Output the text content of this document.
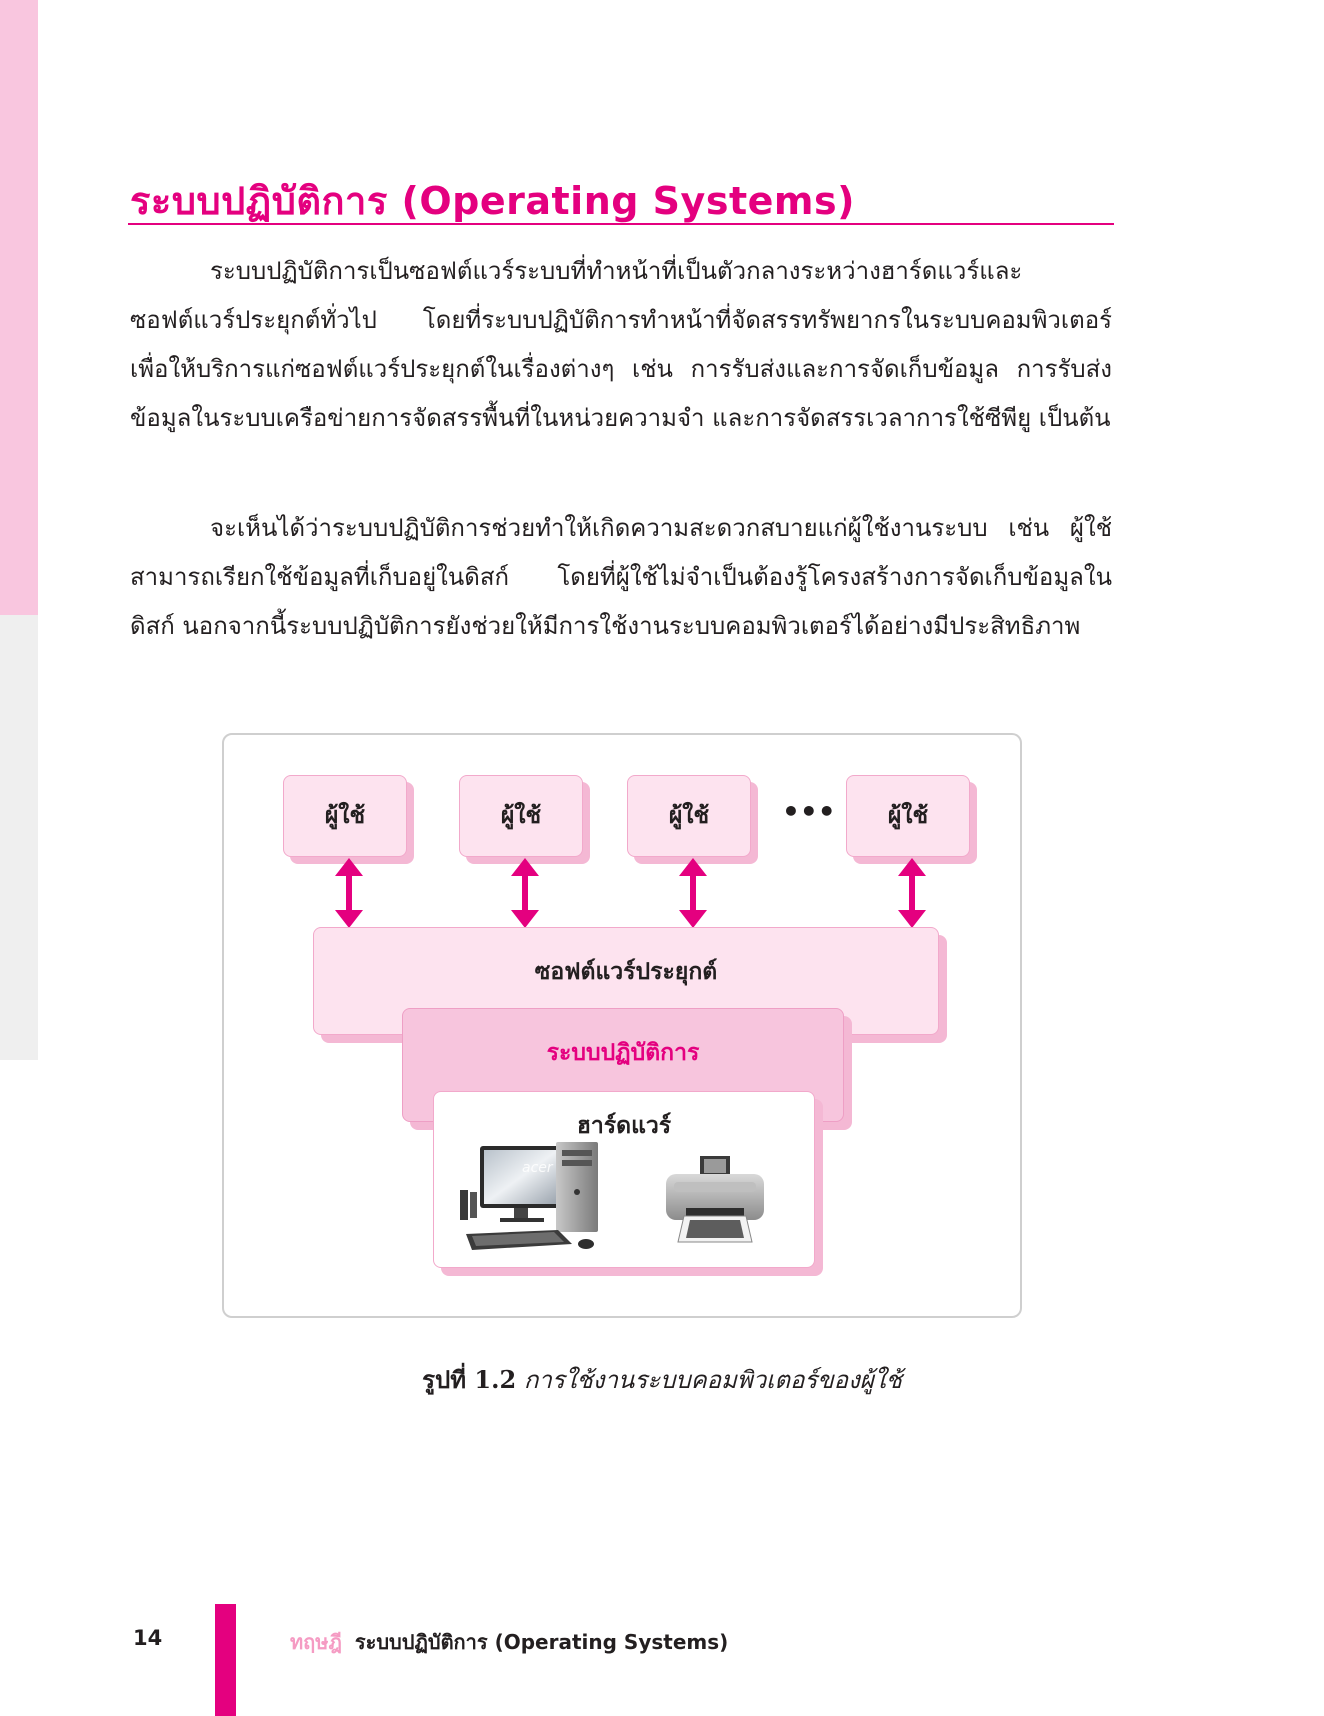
ระบบปฏิบัติการ (Operating Systems)

ระบบปฏิบัติการเป็นซอฟต์แวร์ระบบที่ทำหน้าที่เป็นตัวกลางระหว่างฮาร์ดแวร์และซอฟต์แวร์ประยุกต์ทั่วไป โดยที่ระบบปฏิบัติการทำหน้าที่จัดสรรทรัพยากรในระบบคอมพิวเตอร์ เพื่อให้บริการแก่ซอฟต์แวร์ประยุกต์ในเรื่องต่างๆ เช่น การรับส่งและการจัดเก็บข้อมูล การรับส่งข้อมูลในระบบเครือข่ายการจัดสรรพื้นที่ในหน่วยความจำ และการจัดสรรเวลาการใช้ซีพียู เป็นต้น

จะเห็นได้ว่าระบบปฏิบัติการช่วยทำให้เกิดความสะดวกสบายแก่ผู้ใช้งานระบบ เช่น ผู้ใช้สามารถเรียกใช้ข้อมูลที่เก็บอยู่ในดิสก์ โดยที่ผู้ใช้ไม่จำเป็นต้องรู้โครงสร้างการจัดเก็บข้อมูลในดิสก์ นอกจากนี้ระบบปฏิบัติการยังช่วยให้มีการใช้งานระบบคอมพิวเตอร์ได้อย่างมีประสิทธิภาพ

ผู้ใช้	ผู้ใช้	ผู้ใช้	••• ผู้ใช้
ซอฟต์แวร์ประยุกต์
ระบบปฏิบัติการ
ฮาร์ดแวร์
acer

รูปที่ 1.2 การใช้งานระบบคอมพิวเตอร์ของผู้ใช้

14	ทฤษฎี ระบบปฏิบัติการ (Operating Systems)
